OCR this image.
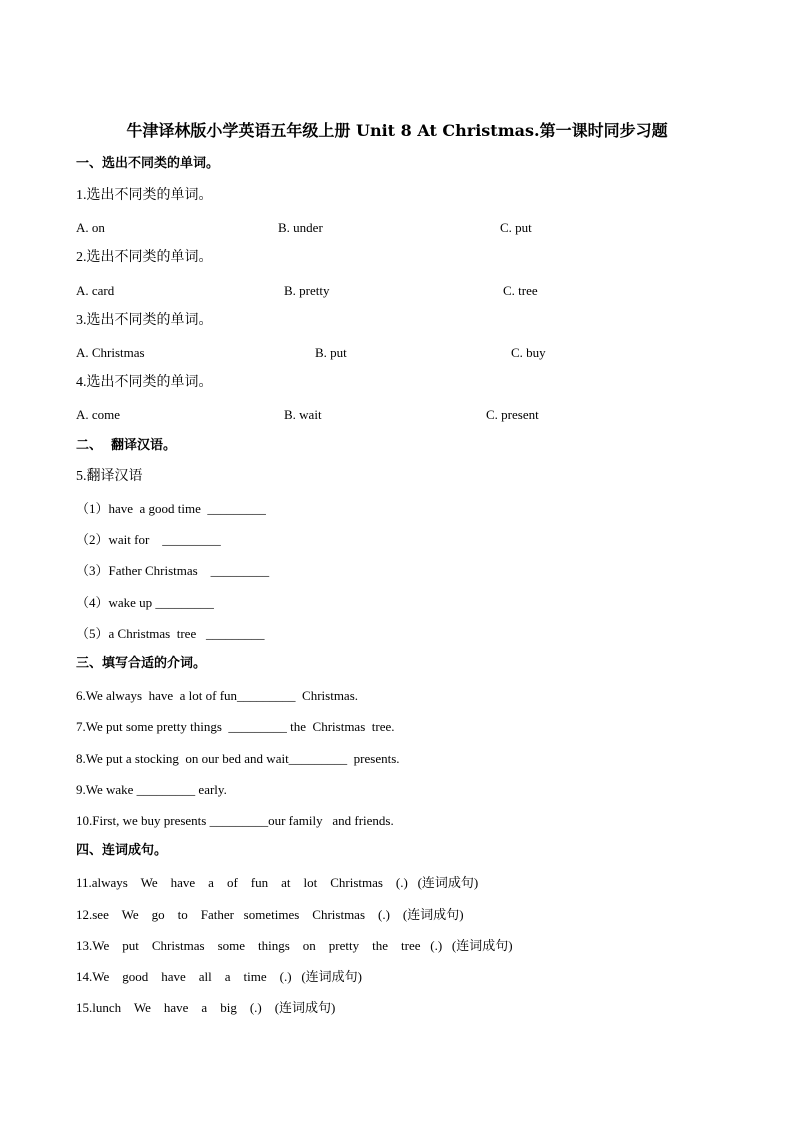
牛津译林版小学英语五年级上册 Unit 8 At Christmas.第一课时同步习题
一、选出不同类的单词。
1.选出不同类的单词。
A. on	B. under	C. put
2.选出不同类的单词。
A. card	B. pretty	C. tree
3.选出不同类的单词。
A. Christmas	B. put	C. buy
4.选出不同类的单词。
A. come	B. wait	C. present
二、  翻译汉语。
5.翻译汉语
（1）have  a good time  _________
（2）wait for    _________
（3）Father Christmas    _________
（4）wake up _________
（5）a Christmas  tree   _________
三、填写合适的介词。
6.We always  have  a lot of fun_________  Christmas.
7.We put some pretty things  _________ the  Christmas  tree.
8.We put a stocking  on our bed and wait_________  presents.
9.We wake _________ early.
10.First, we buy presents _________our family   and friends.
四、连词成句。
11.always    We    have    a    of    fun    at    lot    Christmas    (.)   (连词成句)
12.see    We    go    to    Father   sometimes    Christmas    (.)    (连词成句)
13.We    put    Christmas    some    things    on    pretty    the    tree   (.)   (连词成句)
14.We    good    have    all    a    time    (.)   (连词成句)
15.lunch    We    have    a    big    (.)    (连词成句)
